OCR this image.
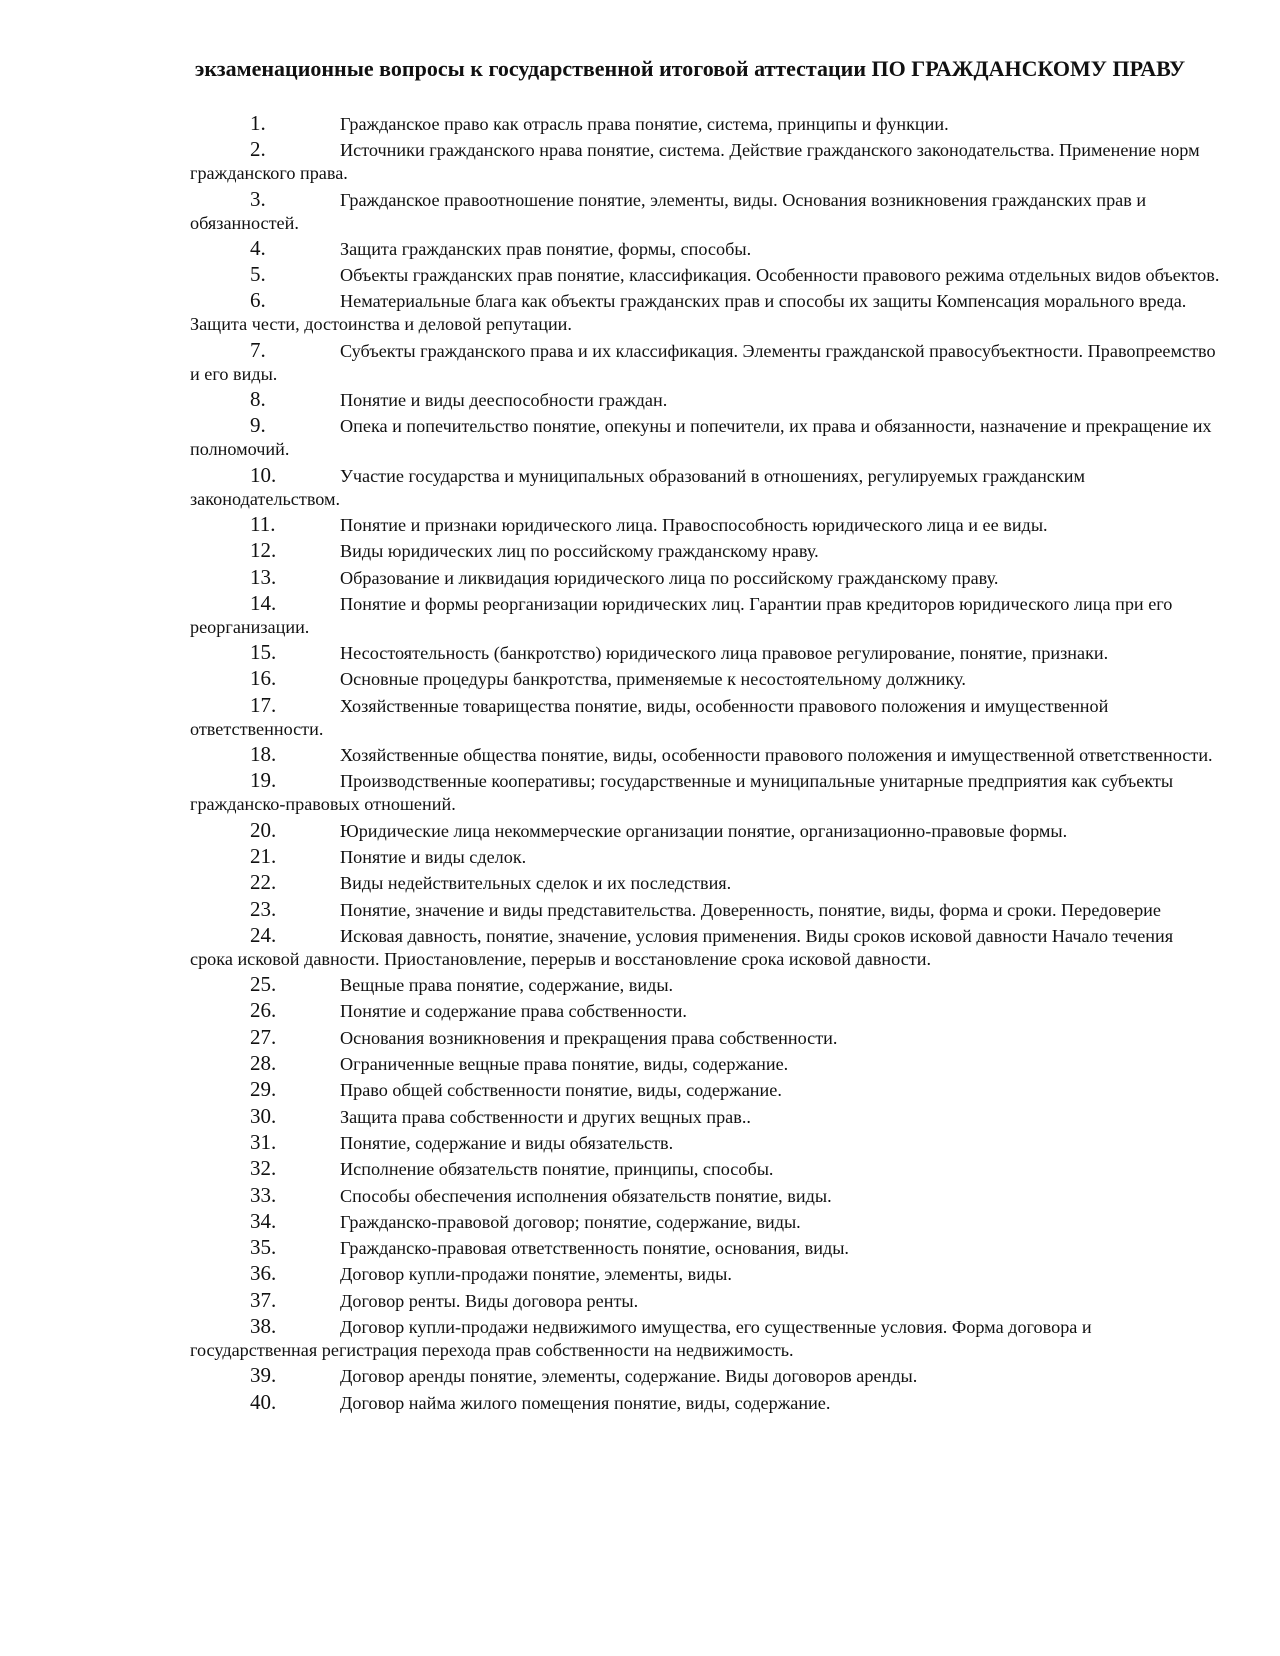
экзаменационные вопросы к государственной итоговой аттестации ПО ГРАЖДАНСКОМУ ПРАВУ
1.	Гражданское право как отрасль права понятие, система, принципы и функции.
2.	Источники гражданского нрава понятие, система. Действие гражданского законодательства. Применение норм гражданского права.
3.	Гражданское правоотношение понятие, элементы, виды. Основания возникновения гражданских прав и обязанностей.
4.	Защита гражданских прав понятие, формы, способы.
5.	Объекты гражданских прав понятие, классификация. Особенности правового режима отдельных видов объектов.
6.	Нематериальные блага как объекты гражданских прав и способы их защиты Компенсация морального вреда. Защита чести, достоинства и деловой репутации.
7.	Субъекты гражданского права и их классификация. Элементы гражданской правосубъектности. Правопреемство и его виды.
8.	Понятие и виды дееспособности граждан.
9.	Опека и попечительство понятие, опекуны и попечители, их права и обязанности, назначение и прекращение их полномочий.
10.	Участие государства и муниципальных образований в отношениях, регулируемых гражданским законодательством.
11.	Понятие и признаки юридического лица. Правоспособность юридического лица и ее виды.
12.	Виды юридических лиц по российскому гражданскому нраву.
13.	Образование и ликвидация юридического лица по российскому гражданскому праву.
14.	Понятие и формы реорганизации юридических лиц. Гарантии прав кредиторов юридического лица при его реорганизации.
15.	Несостоятельность (банкротство) юридического лица правовое регулирование, понятие, признаки.
16.	Основные процедуры банкротства, применяемые к несостоятельному должнику.
17.	Хозяйственные товарищества понятие, виды, особенности правового положения и имущественной ответственности.
18.	Хозяйственные общества понятие, виды, особенности правового положения и имущественной ответственности.
19.	Производственные кооперативы; государственные и муниципальные унитарные предприятия как субъекты гражданско-правовых отношений.
20.	Юридические лица некоммерческие организации понятие, организационно-правовые формы.
21.	Понятие и виды сделок.
22.	Виды недействительных сделок и их последствия.
23.	Понятие, значение и виды представительства. Доверенность, понятие, виды, форма и сроки. Передоверие
24.	Исковая давность, понятие, значение, условия применения. Виды сроков исковой давности Начало течения срока исковой давности. Приостановление, перерыв и восстановление срока исковой давности.
25.	Вещные права понятие, содержание, виды.
26.	Понятие и содержание права собственности.
27.	Основания возникновения и прекращения права собственности.
28.	Ограниченные вещные права понятие, виды, содержание.
29.	Право общей собственности понятие, виды, содержание.
30.	Защита права собственности и других вещных прав..
31.	Понятие, содержание и виды обязательств.
32.	Исполнение обязательств понятие, принципы, способы.
33.	Способы обеспечения исполнения обязательств понятие, виды.
34.	Гражданско-правовой договор; понятие, содержание, виды.
35.	Гражданско-правовая ответственность понятие, основания, виды.
36.	Договор купли-продажи понятие, элементы, виды.
37.	Договор ренты. Виды договора ренты.
38.	Договор купли-продажи недвижимого имущества, его существенные условия. Форма договора и государственная регистрация перехода прав собственности на недвижимость.
39.	Договор аренды понятие, элементы, содержание. Виды договоров аренды.
40.	Договор найма жилого помещения понятие, виды, содержание.
